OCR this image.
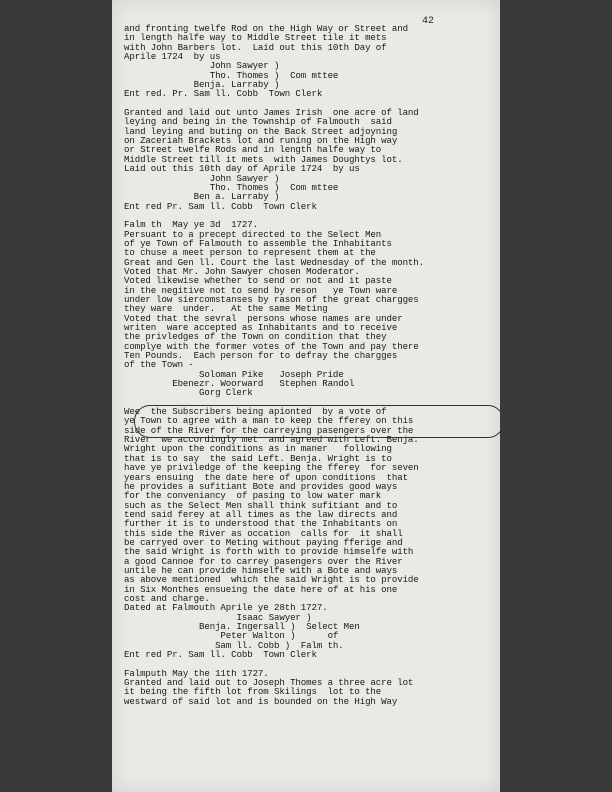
42
and fronting twelfe Rod on the High Way or Street and
in length halfe way to Middle Street tile it mets
with John Barbers lot.  Laid out this 10th Day of
Aprile 1724  by us
John Sawyer )
Tho. Thomes )  Com mttee
Benja. Larraby )
Ent red. Pr. Sam ll. Cobb  Town Clerk
Granted and laid out unto James Irish  one acre of land
leying and being in the Township of Falmouth  said
land leying and buting on the Back Street adjoyning
on Zaceriah Brackets lot and runing on the High way
or Street twelfe Rods and in length halfe way to
Middle Street till it mets  with James Doughtys lot.
Laid out this 10th day of Aprile 1724  by us
John Sawyer )
Tho. Thomes )  Com mttee
Ben a. Larraby )
Ent red Pr. Sam ll. Cobb  Town Clerk
Falm th  May ye 3d  1727.
Persuant to a precept directed to the Select Men
of ye Town of Falmouth to assemble the Inhabitants
to chuse a meet person to represent them at the
Great and Gen ll. Court the last Wednesday of the month.
Voted that Mr. John Sawyer chosen Moderator.
Voted likewise whether to send or not and it paste
in the negitive not to send by reson   ye Town ware
under low siercomstanses by rason of the great chargges
they ware  under.   At the same Meting
Voted that the sevral  persons whose names are under
writen  ware accepted as Inhabitants and to receive
the privledges of the Town on condition that they
complye with the former votes of the Town and pay there
Ten Pounds.  Each person for to defray the chargges
of the Town -
Soloman Pike   Joseph Pride
Ebenezr. Woorward   Stephen Randol
Gorg Clerk
Wee  the Subscribers being apionted  by a vote of
ye Town to agree with a man to keep the fferey on this
side of the River for the carreying pasengers over the
River  we accordingly met  and agreed with Left. Benja.
Wright upon the conditions as in maner   following
that is to say  the said Left. Benja. Wright is to
have ye priviledge of the keeping the fferey  for seven
years ensuing  the date here of upon conditions  that
he provides a sufitiant Bote and provides good ways
for the conveniancy  of pasing to low water mark
such as the Select Men shall think sufitiant and to
tend said ferey at all times as the law directs and
further it is to understood that the Inhabitants on
this side the River as occation  calls for  it shall
be carryed over to Meting without paying fferige and
the said Wright is forth with to provide himselfe with
a good Cannoe for to carrey pasengers over the River
untile he can provide himselfe with a Bote and ways
as above mentioned  which the said Wright is to provide
in Six Monthes ensueing the date here of at his one
cost and charge.
Dated at Falmouth Aprile ye 28th 1727.
Isaac Sawyer )
Benja. Ingersall )  Select Men
Peter Walton )      of
Sam ll. Cobb )  Falm th.
Ent red Pr. Sam ll. Cobb  Town Clerk
Falmputh May the 11th 1727.
Granted and laid out to Joseph Thomes a three acre lot
it being the fifth lot from Skilings  lot to the
westward of said lot and is bounded on the High Way
